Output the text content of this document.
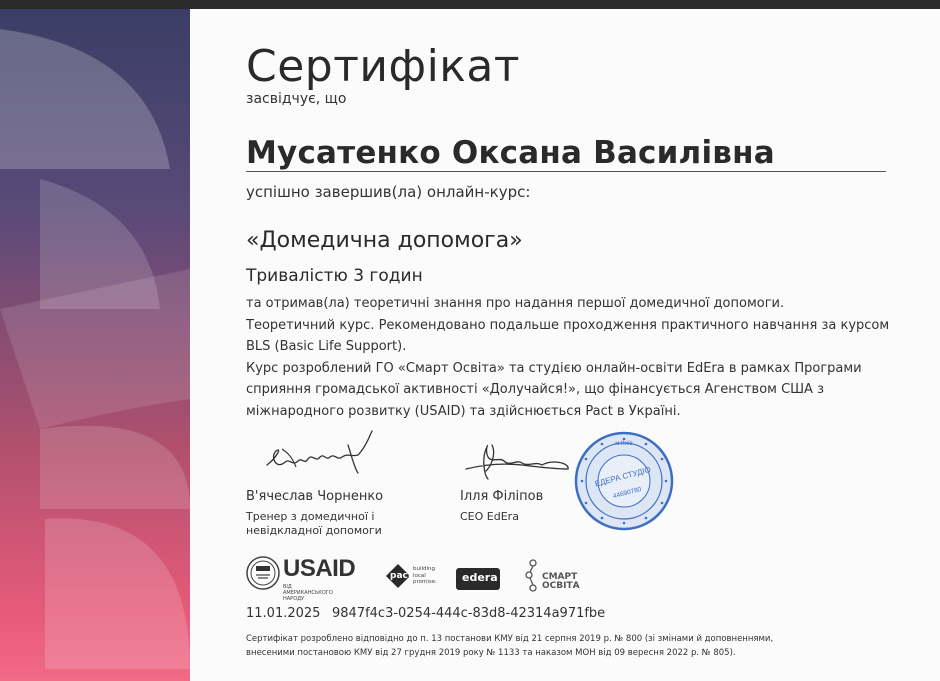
Сертифікат
засвідчує, що
Мусатенко Оксана Василівна
успішно завершив(ла) онлайн-курс:
«Домедична допомога»
Тривалістю 3 годин

та отримав(ла) теоретичні знання про надання першої домедичної допомоги.

Теоретичний курс. Рекомендовано подальше проходження практичного навчання за курсом

BLS (Basic Life Support).

Курс розроблений ГО «Смарт Освіта» та студією онлайн-освіти EdEra в рамках Програми

сприяння громадської активності «Долучайся!», що фінансується Агенством США з

міжнародного розвитку (USAID) та здійснюється Pact в Україні.

В'ячеслав Чорненко
Тренер з домедичної і
невідкладної допомоги
Ілля Філіпов
CEO EdEra
м.Київ
ЕДЕРА СТУДІО
44690780
USAID
ВІД АМЕРИКАНСЬКОГО НАРОДУ
pact
building
local
promise. edera	СМАРТ
ОСВІТА
11.01.2025 9847f4c3-0254-444c-83d8-42314a971fbe
Сертифікат розроблено відповідно до п. 13 постанови КМУ від 21 серпня 2019 р. № 800 (зі змінами й доповненнями,
внесеними постановою КМУ від 27 грудня 2019 року № 1133 та наказом МОН від 09 вересня 2022 р. № 805).
